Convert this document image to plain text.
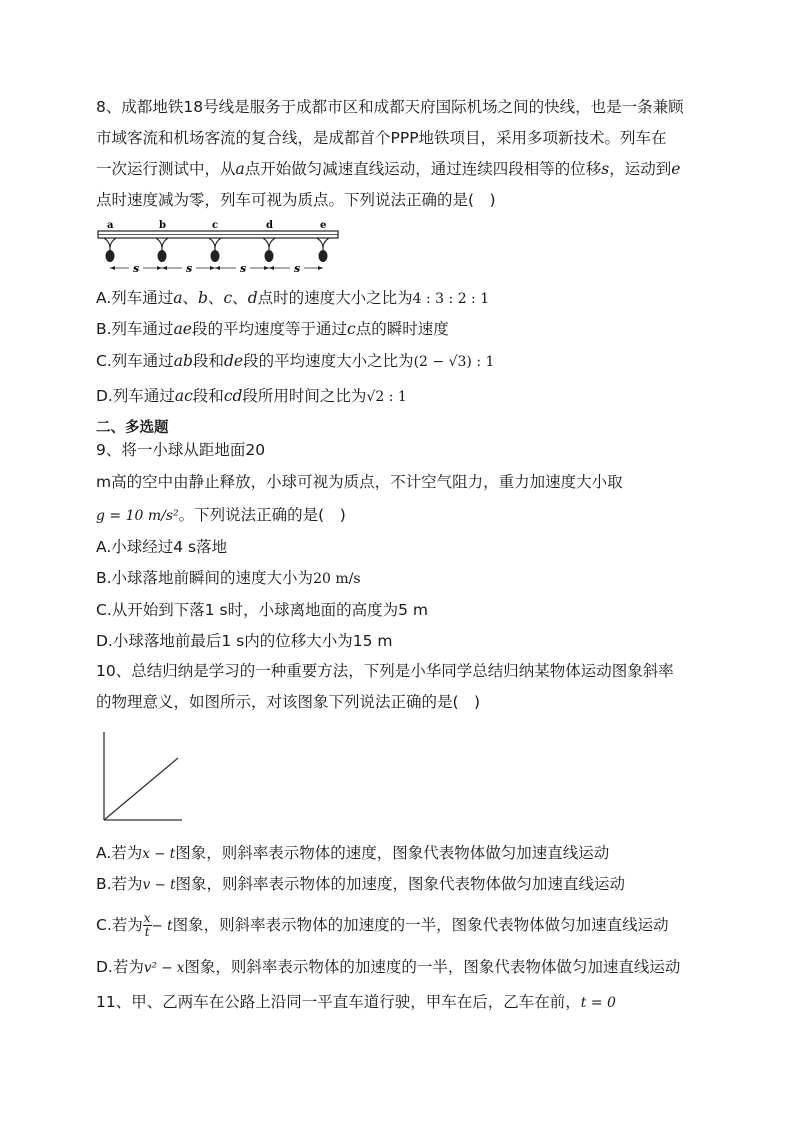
8、成都地铁18号线是服务于成都市区和成都天府国际机场之间的快线，也是一条兼顾
市域客流和机场客流的复合线，是成都首个PPP地铁项目，采用多项新技术。列车在
一次运行测试中，从a点开始做匀减速直线运动，通过连续四段相等的位移s，运动到e
点时速度减为零，列车可视为质点。下列说法正确的是(　)
a	b	c	d	e
s	s	s	s
A.列车通过a、b、c、d点时的速度大小之比为4 : 3 : 2 : 1
B.列车通过ae段的平均速度等于通过c点的瞬时速度
C.列车通过ab段和de段的平均速度大小之比为(2 − √3) : 1
D.列车通过ac段和cd段所用时间之比为√2 : 1
二、多选题
9、将一小球从距地面20
m高的空中由静止释放，小球可视为质点，不计空气阻力，重力加速度大小取
g = 10 m/s²。下列说法正确的是(　)
A.小球经过4 s落地
B.小球落地前瞬间的速度大小为20 m/s
C.从开始到下落1 s时，小球离地面的高度为5 m
D.小球落地前最后1 s内的位移大小为15 m
10、总结归纳是学习的一种重要方法，下列是小华同学总结归纳某物体运动图象斜率
的物理意义，如图所示，对该图象下列说法正确的是(　)
A.若为x − t图象，则斜率表示物体的速度，图象代表物体做匀加速直线运动
B.若为v − t图象，则斜率表示物体的加速度，图象代表物体做匀加速直线运动
C.若为 $\frac{x}{t} - t$图象，则斜率表示物体的加速度的一半，图象代表物体做匀加速直线运动
D.若为v² − x图象，则斜率表示物体的加速度的一半，图象代表物体做匀加速直线运动
11、甲、乙两车在公路上沿同一平直车道行驶，甲车在后，乙车在前，t = 0
